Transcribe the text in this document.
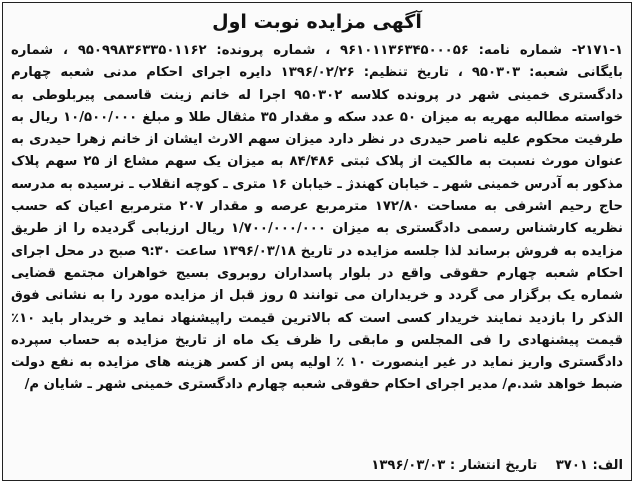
آگهی مزایده نوبت اول

۲۱۷۱-۱- شماره نامه: ۹۶۱۰۱۱۳۶۳۴۵۰۰۰۵۶ ، شماره پرونده: ۹۵۰۹۹۸۳۶۳۳۵۰۱۱۶۲ ، شماره بایگانی شعبه: ۹۵۰۳۰۳ ، تاریخ تنظیم: ۱۳۹۶/۰۲/۲۶ دایره اجرای احکام مدنی شعبه چهارم دادگستری خمینی شهر در پرونده کلاسه ۹۵۰۳۰۲ اجرا له خانم زینت قاسمی پیربلوطی به خواسته مطالبه مهریه به میزان ۵۰ عدد سکه و مقدار ۳۵ مثقال طلا و مبلغ ۱۰/۵۰۰/۰۰۰ ریال به طرفیت محکوم علیه ناصر حیدری در نظر دارد میزان سهم الارث ایشان از خانم زهرا حیدری به عنوان مورث نسبت به مالکیت از پلاک ثبتی ۸۴/۴۸۶ به میزان یک سهم مشاع از ۲۵ سهم پلاک مذکور به آدرس خمینی شهر ـ خیابان کهندژ ـ خیابان ۱۶ متری ـ کوچه انقلاب ـ نرسیده به مدرسه حاج رحیم اشرفی به مساحت ۱۷۲/۸۰ مترمربع عرصه و مقدار ۲۰۷ مترمربع اعیان که حسب نظریه کارشناس رسمی دادگستری به میزان ۱/۷۰۰/۰۰۰/۰۰۰ ریال ارزیابی گردیده را از طریق مزایده به فروش برساند لذا جلسه مزایده در تاریخ ۱۳۹۶/۰۳/۱۸ ساعت ۹:۳۰ صبح در محل اجرای احکام شعبه چهارم حقوقی واقع در بلوار پاسداران روبروی بسیج خواهران مجتمع قضایی شماره یک برگزار می گردد و خریداران می توانند ۵ روز قبل از مزایده مورد را به نشانی فوق الذکر را بازدید نمایند خریدار کسی است که بالاترین قیمت راپیشنهاد نماید و خریدار باید ۱۰٪ قیمت پیشنهادی را فی المجلس و مابقی را ظرف یک ماه از تاریخ مزایده به حساب سپرده دادگستری واریز نماید در غیر اینصورت ۱۰ ٪ اولیه پس از کسر هزینه های مزایده به نفع دولت ضبط خواهد شد.م/ مدیر اجرای احکام حقوقی شعبه چهارم دادگستری خمینی شهر ـ شایان م/

الف: ۳۷۰۱ تاریخ انتشار : ۱۳۹۶/۰۳/۰۳
